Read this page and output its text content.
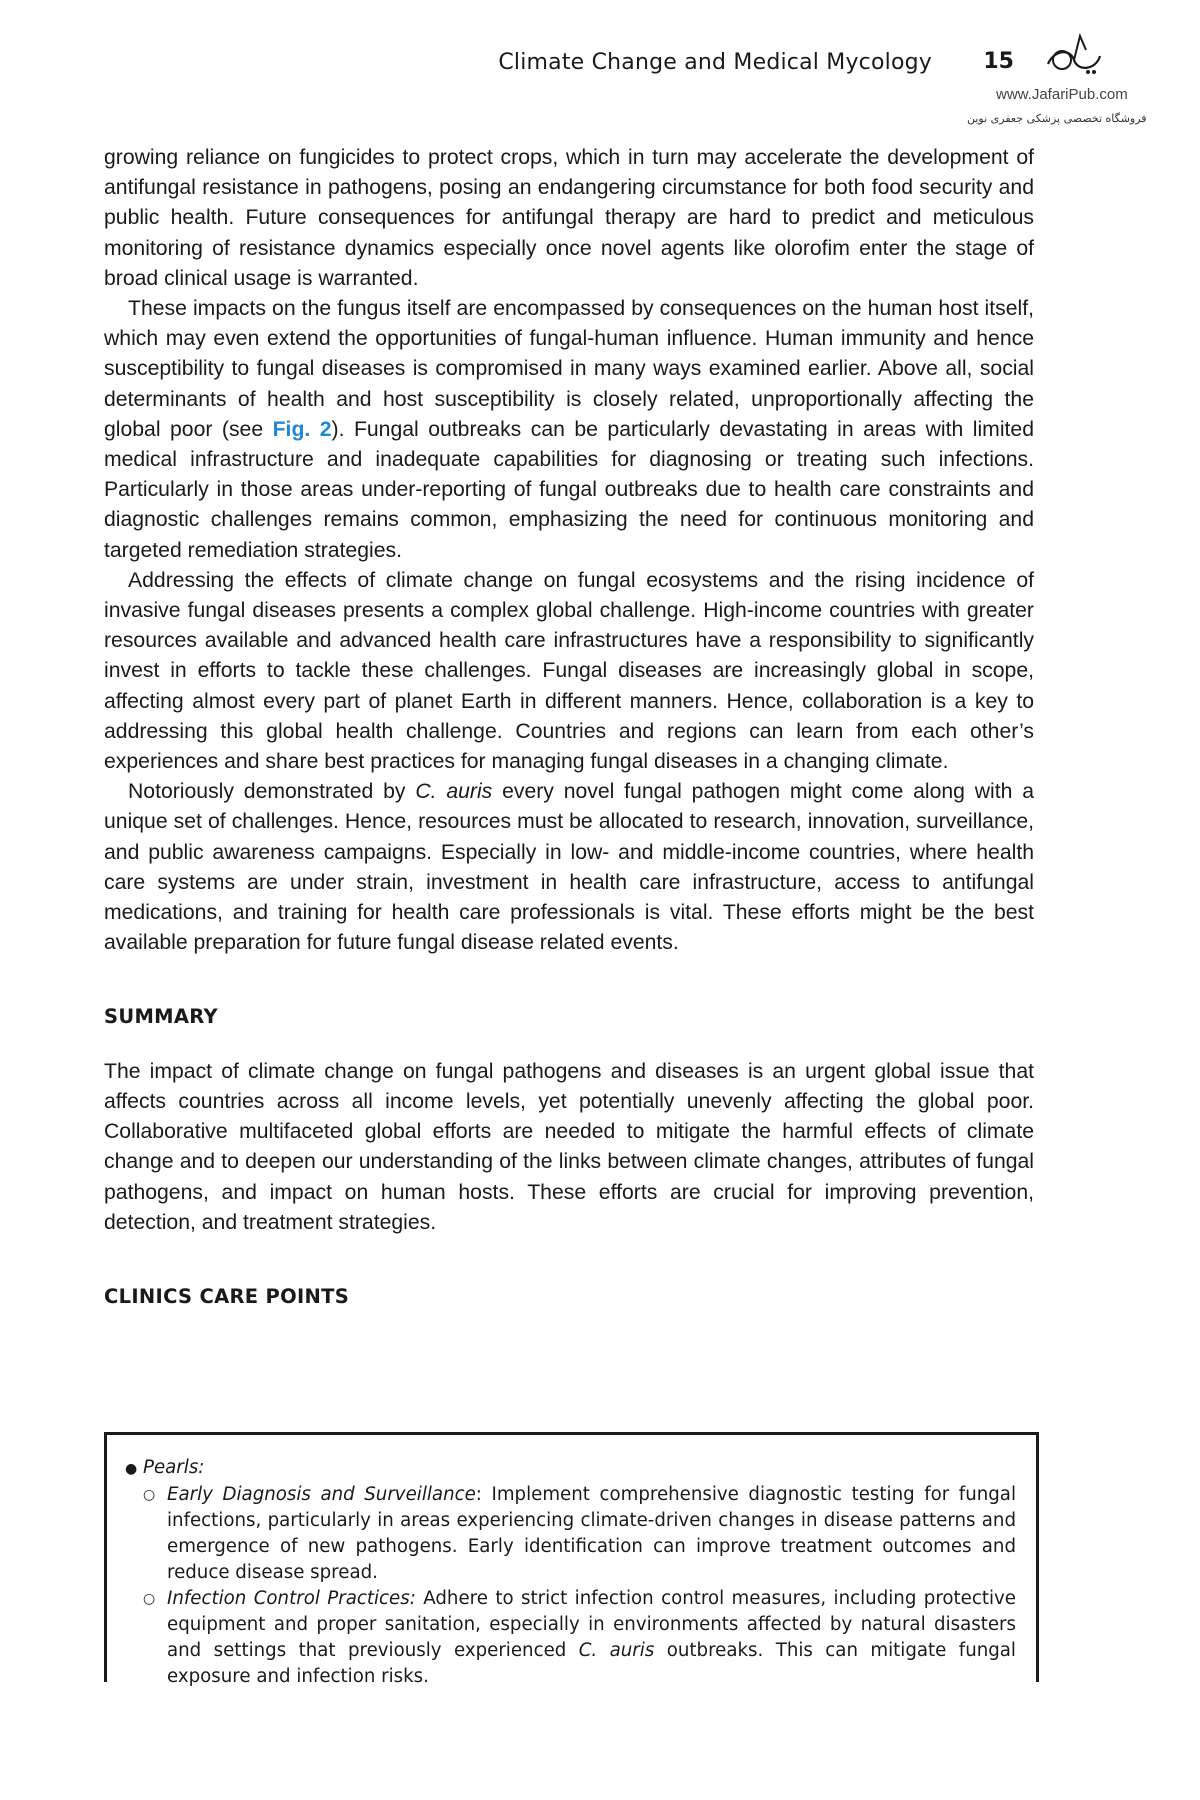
Climate Change and Medical Mycology 15
www.JafariPub.com
فروشگاه تخصصی پزشکی جعفری نوین

growing reliance on fungicides to protect crops, which in turn may accelerate the development of antifungal resistance in pathogens, posing an endangering circumstance for both food security and public health. Future consequences for antifungal therapy are hard to predict and meticulous monitoring of resistance dynamics especially once novel agents like olorofim enter the stage of broad clinical usage is warranted.

These impacts on the fungus itself are encompassed by consequences on the human host itself, which may even extend the opportunities of fungal-human influence. Human immunity and hence susceptibility to fungal diseases is compromised in many ways examined earlier. Above all, social determinants of health and host susceptibility is closely related, unproportionally affecting the global poor (see Fig. 2). Fungal outbreaks can be particularly devastating in areas with limited medical infrastructure and inadequate capabilities for diagnosing or treating such infections. Particularly in those areas under-reporting of fungal outbreaks due to health care constraints and diagnostic challenges remains common, emphasizing the need for continuous monitoring and targeted remediation strategies.

Addressing the effects of climate change on fungal ecosystems and the rising incidence of invasive fungal diseases presents a complex global challenge. High-income countries with greater resources available and advanced health care infrastructures have a responsibility to significantly invest in efforts to tackle these challenges. Fungal diseases are increasingly global in scope, affecting almost every part of planet Earth in different manners. Hence, collaboration is a key to addressing this global health challenge. Countries and regions can learn from each other’s experiences and share best practices for managing fungal diseases in a changing climate.

Notoriously demonstrated by C. auris every novel fungal pathogen might come along with a unique set of challenges. Hence, resources must be allocated to research, innovation, surveillance, and public awareness campaigns. Especially in low- and middle-income countries, where health care systems are under strain, investment in health care infrastructure, access to antifungal medications, and training for health care professionals is vital. These efforts might be the best available preparation for future fungal disease related events.

SUMMARY

The impact of climate change on fungal pathogens and diseases is an urgent global issue that affects countries across all income levels, yet potentially unevenly affecting the global poor. Collaborative multifaceted global efforts are needed to mitigate the harmful effects of climate change and to deepen our understanding of the links between climate changes, attributes of fungal pathogens, and impact on human hosts. These efforts are crucial for improving prevention, detection, and treatment strategies.

CLINICS CARE POINTS
● Pearls:
○ Early Diagnosis and Surveillance: Implement comprehensive diagnostic testing for fungal infections, particularly in areas experiencing climate-driven changes in disease patterns and emergence of new pathogens. Early identification can improve treatment outcomes and reduce disease spread.
○ Infection Control Practices: Adhere to strict infection control measures, including protective equipment and proper sanitation, especially in environments affected by natural disasters and settings that previously experienced C. auris outbreaks. This can mitigate fungal exposure and infection risks.
